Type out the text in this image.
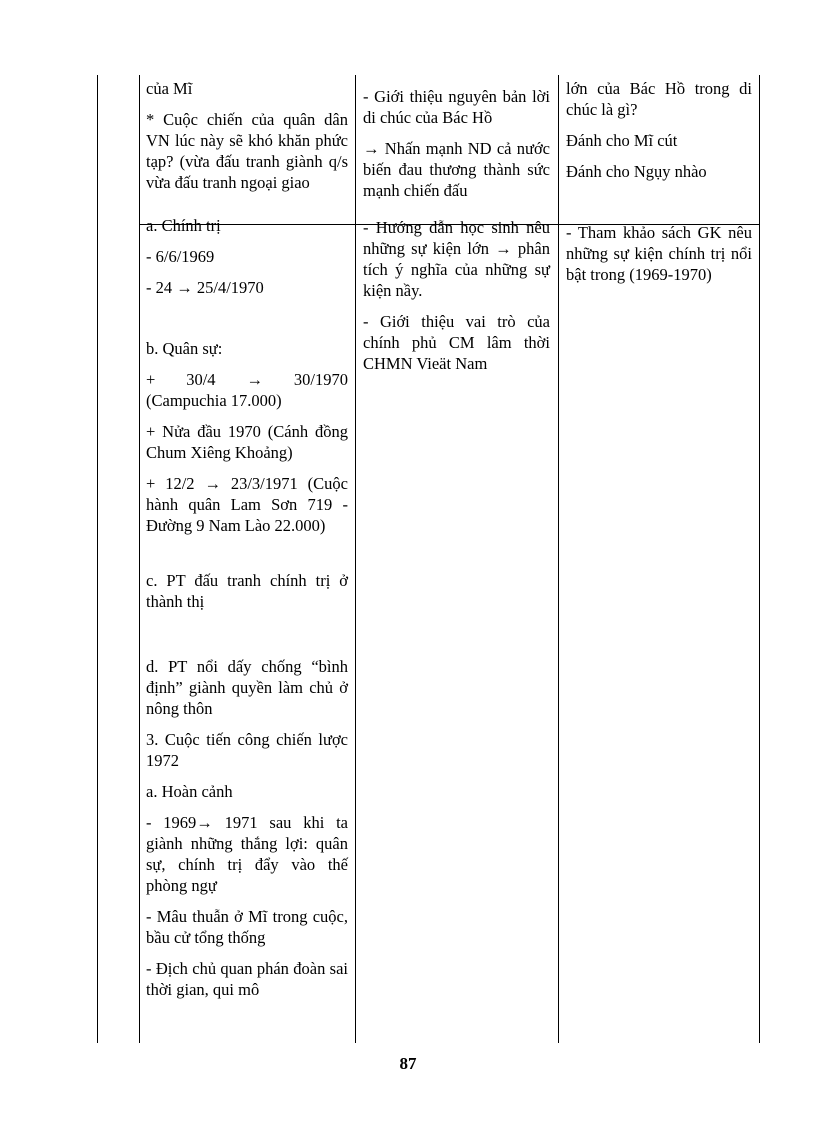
của Mĩ

* Cuộc chiến của quân dân VN lúc này sẽ khó khăn phức tạp? (vừa đấu tranh giành q/s vừa đấu tranh ngoại giao

a. Chính trị

- 6/6/1969

- 24 → 25/4/1970

b. Quân sự:

+ 30/4 → 30/1970 (Campuchia 17.000)

+ Nửa đầu 1970 (Cánh đồng Chum Xiêng Khoảng)

+ 12/2 → 23/3/1971 (Cuộc hành quân Lam Sơn 719 - Đường 9 Nam Lào 22.000)

c. PT đấu tranh chính trị ở thành thị

d. PT nổi dấy chống “bình định” giành quyền làm chủ ở nông thôn

3. Cuộc tiến công chiến lược 1972

a. Hoàn cảnh

- 1969→ 1971 sau khi ta giành những thắng lợi: quân sự, chính trị đẩy vào thế phòng ngự

- Mâu thuẫn ở Mĩ trong cuộc, bầu cử tổng thống

- Địch chủ quan phán đoàn sai thời gian, qui mô

- Giới thiệu nguyên bản lời di chúc của Bác Hồ

→ Nhấn mạnh ND cả nước biến đau thương thành sức mạnh chiến đấu

- Hướng dẫn học sinh nêu những sự kiện lớn → phân tích ý nghĩa của những sự kiện nầy.

- Giới thiệu vai trò của chính phủ CM lâm thời CHMN Vieät Nam

lớn của Bác Hồ trong di chúc là gì?

Đánh cho Mĩ cút

Đánh cho Ngụy nhào

- Tham khảo sách GK nêu những sự kiện chính trị nổi bật trong (1969-1970)

87
